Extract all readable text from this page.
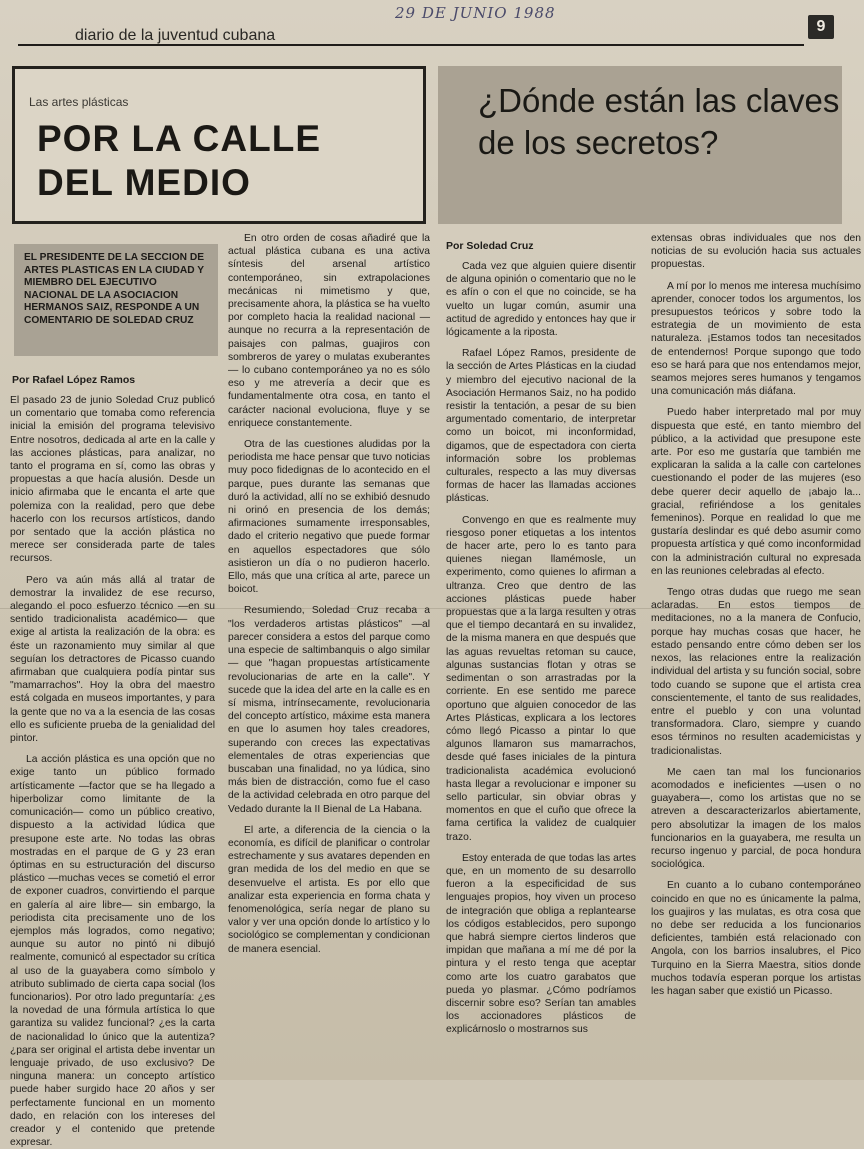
29 DE JUNIO 1988
diario de la juventud cubana
9
Las artes plásticas
POR LA CALLE
DEL MEDIO
¿Dónde están las claves de los secretos?
EL PRESIDENTE DE LA SECCION DE ARTES PLASTICAS EN LA CIUDAD Y MIEMBRO DEL EJECUTIVO NACIONAL DE LA ASOCIACION HERMANOS SAIZ, RESPONDE A UN COMENTARIO DE SOLEDAD CRUZ
Por Rafael López Ramos
Por Soledad Cruz

El pasado 23 de junio Soledad Cruz publicó un comentario que tomaba como referencia inicial la emisión del programa televisivo Entre nosotros, dedicada al arte en la calle y las acciones plásticas, para analizar, no tanto el programa en sí, como las obras y propuestas a que hacía alusión. Desde un inicio afirmaba que le encanta el arte que polemiza con la realidad, pero que debe hacerlo con los recursos artísticos, dando por sentado que la acción plástica no merece ser considerada parte de tales recursos.

Pero va aún más allá al tratar de demostrar la invalidez de ese recurso, alegando el poco esfuerzo técnico —en su sentido tradicionalista académico— que exige al artista la realización de la obra: es éste un razonamiento muy similar al que seguían los detractores de Picasso cuando afirmaban que cualquiera podía pintar sus "mamarrachos". Hoy la obra del maestro está colgada en museos importantes, y para la gente que no va a la esencia de las cosas ello es suficiente prueba de la genialidad del pintor.

La acción plástica es una opción que no exige tanto un público formado artísticamente —factor que se ha llegado a hiperbolizar como limitante de la comunicación— como un público creativo, dispuesto a la actividad lúdica que presupone este arte. No todas las obras mostradas en el parque de G y 23 eran óptimas en su estructuración del discurso plástico —muchas veces se cometió el error de exponer cuadros, convirtiendo el parque en galería al aire libre— sin embargo, la periodista cita precisamente uno de los ejemplos más logrados, como negativo; aunque su autor no pintó ni dibujó realmente, comunicó al espectador su crítica al uso de la guayabera como símbolo y atributo sublimado de cierta capa social (los funcionarios). Por otro lado preguntaría: ¿es la novedad de una fórmula artística lo que garantiza su validez funcional? ¿es la carta de nacionalidad lo único que la autentiza? ¿para ser original el artista debe inventar un lenguaje privado, de uso exclusivo? De ninguna manera: un concepto artístico puede haber surgido hace 20 años y ser perfectamente funcional en un momento dado, en relación con los intereses del creador y el contenido que pretende expresar.

En otro orden de cosas añadiré que la actual plástica cubana es una activa síntesis del arsenal artístico contemporáneo, sin extrapolaciones mecánicas ni mimetismo y que, precisamente ahora, la plástica se ha vuelto por completo hacia la realidad nacional —aunque no recurra a la representación de paisajes con palmas, guajiros con sombreros de yarey o mulatas exuberantes— lo cubano contemporáneo ya no es sólo eso y me atrevería a decir que es fundamentalmente otra cosa, en tanto el carácter nacional evoluciona, fluye y se enriquece constantemente.

Otra de las cuestiones aludidas por la periodista me hace pensar que tuvo noticias muy poco fidedignas de lo acontecido en el parque, pues durante las semanas que duró la actividad, allí no se exhibió desnudo ni orinó en presencia de los demás; afirmaciones sumamente irresponsables, dado el criterio negativo que puede formar en aquellos espectadores que sólo asistieron un día o no pudieron hacerlo. Ello, más que una crítica al arte, parece un boicot.

Resumiendo, Soledad Cruz recaba a "los verdaderos artistas plásticos" —al parecer considera a estos del parque como una especie de saltimbanquis o algo similar— que "hagan propuestas artísticamente revolucionarias de arte en la calle". Y sucede que la idea del arte en la calle es en sí misma, intrínsecamente, revolucionaria del concepto artístico, máxime esta manera en que lo asumen hoy tales creadores, superando con creces las expectativas elementales de otras experiencias que buscaban una finalidad, no ya lúdica, sino más bien de distracción, como fue el caso de la actividad celebrada en otro parque del Vedado durante la II Bienal de La Habana.

El arte, a diferencia de la ciencia o la economía, es difícil de planificar o controlar estrechamente y sus avatares dependen en gran medida de los del medio en que se desenvuelve el artista. Es por ello que analizar esta experiencia en forma chata y fenomenológica, sería negar de plano su valor y ver una opción donde lo artístico y lo sociológico se complementan y condicionan de manera esencial.

Cada vez que alguien quiere disentir de alguna opinión o comentario que no le es afín o con el que no coincide, se ha vuelto un lugar común, asumir una actitud de agredido y entonces hay que ir lógicamente a la riposta.

Rafael López Ramos, presidente de la sección de Artes Plásticas en la ciudad y miembro del ejecutivo nacional de la Asociación Hermanos Saiz, no ha podido resistir la tentación, a pesar de su bien argumentado comentario, de interpretar como un boicot, mi inconformidad, digamos, que de espectadora con cierta información sobre los problemas culturales, respecto a las muy diversas formas de hacer las llamadas acciones plásticas.

Convengo en que es realmente muy riesgoso poner etiquetas a los intentos de hacer arte, pero lo es tanto para quienes niegan llamémosle, un experimento, como quienes lo afirman a ultranza. Creo que dentro de las acciones plásticas puede haber propuestas que a la larga resulten y otras que el tiempo decantará en su invalidez, de la misma manera en que después que las aguas revueltas retoman su cauce, algunas sustancias flotan y otras se sedimentan o son arrastradas por la corriente. En ese sentido me parece oportuno que alguien conocedor de las Artes Plásticas, explicara a los lectores cómo llegó Picasso a pintar lo que algunos llamaron sus mamarrachos, desde qué fases iniciales de la pintura tradicionalista académica evolucionó hasta llegar a revolucionar e imponer su sello particular, sin obviar obras y momentos en que el cuño que ofrece la fama certifica la validez de cualquier trazo.

Estoy enterada de que todas las artes que, en un momento de su desarrollo fueron a la especificidad de sus lenguajes propios, hoy viven un proceso de integración que obliga a replantearse los códigos establecidos, pero supongo que habrá siempre ciertos linderos que impidan que mañana a mí me dé por la pintura y el resto tenga que aceptar como arte los cuatro garabatos que pueda yo plasmar. ¿Cómo podríamos discernir sobre eso? Serían tan amables los accionadores plásticos de explicárnoslo o mostrarnos sus

extensas obras individuales que nos den noticias de su evolución hacia sus actuales propuestas.

A mí por lo menos me interesa muchísimo aprender, conocer todos los argumentos, los presupuestos teóricos y sobre todo la estrategia de un movimiento de esta naturaleza. ¡Estamos todos tan necesitados de entendernos! Porque supongo que todo eso se hará para que nos entendamos mejor, seamos mejores seres humanos y tengamos una comunicación más diáfana.

Puedo haber interpretado mal por muy dispuesta que esté, en tanto miembro del público, a la actividad que presupone este arte. Por eso me gustaría que también me explicaran la salida a la calle con cartelones cuestionando el poder de las mujeres (eso debe querer decir aquello de ¡abajo la... gracial, refiriéndose a los genitales femeninos). Porque en realidad lo que me gustaría deslindar es qué debo asumir como propuesta artística y qué como inconformidad con la administración cultural no expresada en las reuniones celebradas al efecto.

Tengo otras dudas que ruego me sean aclaradas. En estos tiempos de meditaciones, no a la manera de Confucio, porque hay muchas cosas que hacer, he estado pensando entre cómo deben ser los nexos, las relaciones entre la realización individual del artista y su función social, sobre todo cuando se supone que el artista crea conscientemente, el tanto de sus realidades, entre el pueblo y con una voluntad transformadora. Claro, siempre y cuando esos términos no resulten academicistas y tradicionalistas.

Me caen tan mal los funcionarios acomodados e ineficientes —usen o no guayabera—, como los artistas que no se atreven a descaracterizarlos abiertamente, pero absolutizar la imagen de los malos funcionarios en la guayabera, me resulta un recurso ingenuo y parcial, de poca hondura sociológica.

En cuanto a lo cubano contemporáneo coincido en que no es únicamente la palma, los guajiros y las mulatas, es otra cosa que no debe ser reducida a los funcionarios deficientes, también está relacionado con Angola, con los barrios insalubres, el Pico Turquino en la Sierra Maestra, sitios donde muchos todavía esperan porque los artistas les hagan saber que existió un Picasso.
